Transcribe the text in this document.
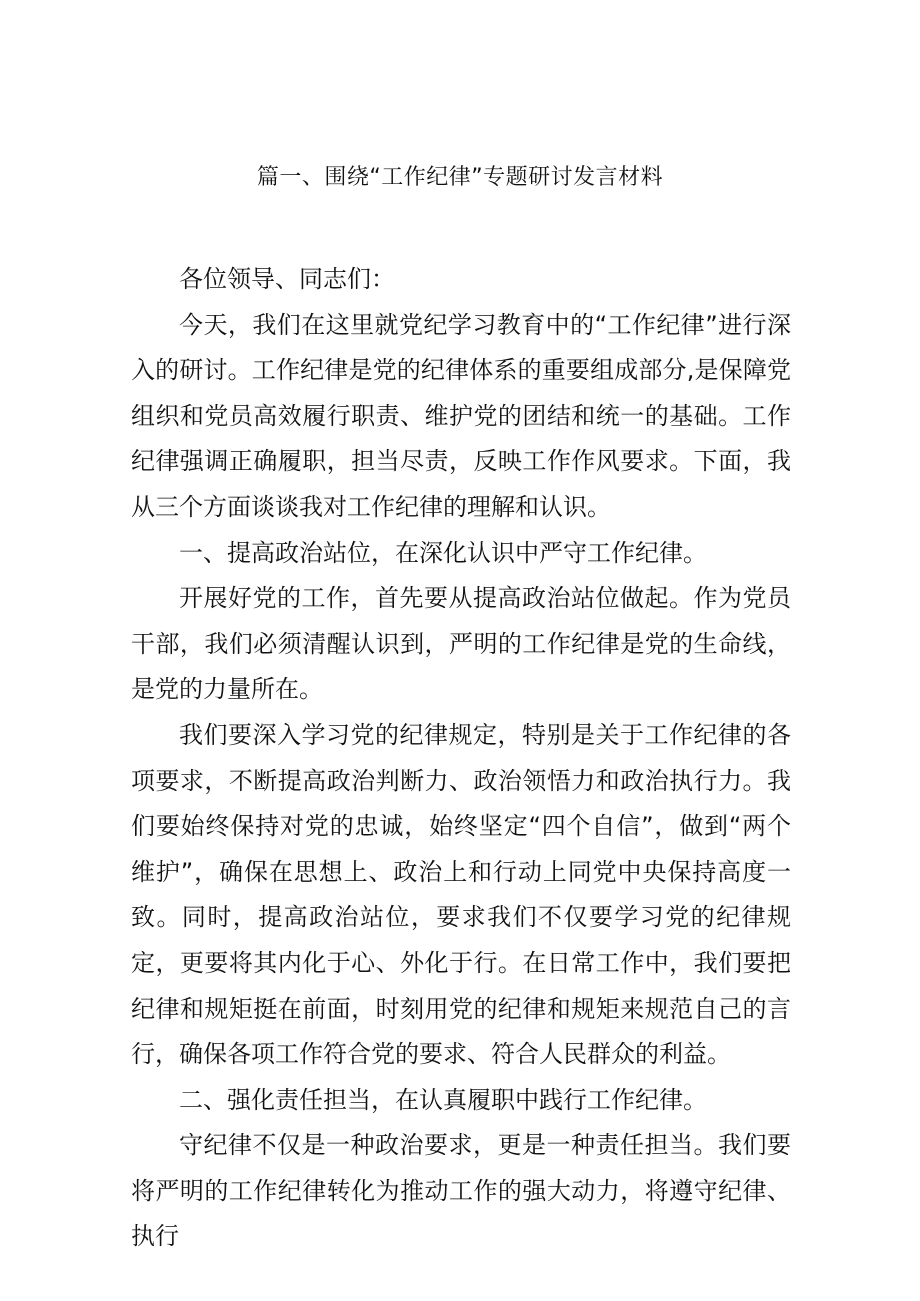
篇一、围绕“工作纪律”专题研讨发言材料

各位领导、同志们：

今天，我们在这里就党纪学习教育中的“工作纪律”进行深入的研讨。工作纪律是党的纪律体系的重要组成部分,是保障党组织和党员高效履行职责、维护党的团结和统一的基础。工作纪律强调正确履职，担当尽责，反映工作作风要求。下面，我从三个方面谈谈我对工作纪律的理解和认识。

一、提高政治站位，在深化认识中严守工作纪律。

开展好党的工作，首先要从提高政治站位做起。作为党员干部，我们必须清醒认识到，严明的工作纪律是党的生命线，是党的力量所在。

我们要深入学习党的纪律规定，特别是关于工作纪律的各项要求，不断提高政治判断力、政治领悟力和政治执行力。我们要始终保持对党的忠诚，始终坚定“四个自信”，做到“两个维护”，确保在思想上、政治上和行动上同党中央保持高度一致。同时，提高政治站位，要求我们不仅要学习党的纪律规定，更要将其内化于心、外化于行。在日常工作中，我们要把纪律和规矩挺在前面，时刻用党的纪律和规矩来规范自己的言行，确保各项工作符合党的要求、符合人民群众的利益。

二、强化责任担当，在认真履职中践行工作纪律。

守纪律不仅是一种政治要求，更是一种责任担当。我们要将严明的工作纪律转化为推动工作的强大动力，将遵守纪律、执行
